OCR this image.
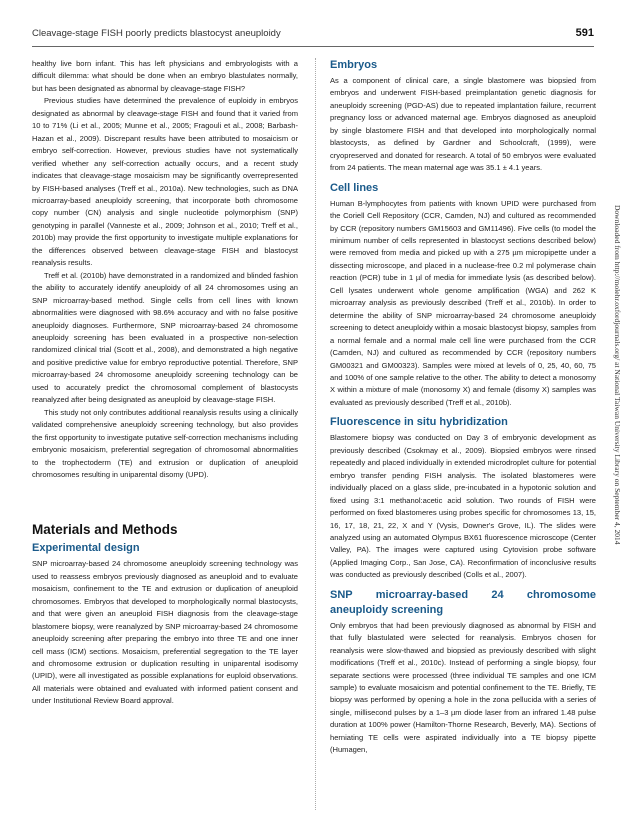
Cleavage-stage FISH poorly predicts blastocyst aneuploidy	591

healthy live born infant. This has left physicians and embryologists with a difficult dilemma: what should be done when an embryo blastulates normally, but has been designated as abnormal by cleavage-stage FISH?

Previous studies have determined the prevalence of euploidy in embryos designated as abnormal by cleavage-stage FISH and found that it varied from 10 to 71% (Li et al., 2005; Munne et al., 2005; Fragouli et al., 2008; Barbash-Hazan et al., 2009). Discrepant results have been attributed to mosaicism or embryo self-correction. However, previous studies have not systematically verified whether any self-correction actually occurs, and a recent study indicates that cleavage-stage mosaicism may be significantly overrepresented by FISH-based analyses (Treff et al., 2010a). New technologies, such as DNA microarray-based aneuploidy screening, that incorporate both chromosome copy number (CN) analysis and single nucleotide polymorphism (SNP) genotyping in parallel (Vanneste et al., 2009; Johnson et al., 2010; Treff et al., 2010b) may provide the first opportunity to investigate multiple explanations for the differences observed between cleavage-stage FISH and blastocyst reanalysis results.

Treff et al. (2010b) have demonstrated in a randomized and blinded fashion the ability to accurately identify aneuploidy of all 24 chromosomes using an SNP microarray-based method. Single cells from cell lines with known abnormalities were diagnosed with 98.6% accuracy and with no false positive aneuploidy diagnoses. Furthermore, SNP microarray-based 24 chromosome aneuploidy screening has been evaluated in a prospective non-selection randomized clinical trial (Scott et al., 2008), and demonstrated a high negative and positive predictive value for embryo reproductive potential. Therefore, SNP microarray-based 24 chromosome aneuploidy screening technology can be used to accurately predict the chromosomal complement of blastocysts reanalyzed after being designated as aneuploid by cleavage-stage FISH.

This study not only contributes additional reanalysis results using a clinically validated comprehensive aneuploidy screening technology, but also provides the first opportunity to investigate putative self-correction mechanisms including embryonic mosaicism, preferential segregation of chromosomal abnormalities to the trophectoderm (TE) and extrusion or duplication of aneuploid chromosomes resulting in uniparental disomy (UPD).

Materials and Methods
Experimental design

SNP microarray-based 24 chromosome aneuploidy screening technology was used to reassess embryos previously diagnosed as aneuploid and to evaluate mosaicism, confinement to the TE and extrusion or duplication of aneuploid chromosomes. Embryos that developed to morphologically normal blastocysts, and that were given an aneuploid FISH diagnosis from the cleavage-stage blastomere biopsy, were reanalyzed by SNP microarray-based 24 chromosome aneuploidy screening after preparing the embryo into three TE and one inner cell mass (ICM) sections. Mosaicism, preferential segregation to the TE layer and chromosome extrusion or duplication resulting in uniparental isodisomy (UPID), were all investigated as possible explanations for euploid observations. All materials were obtained and evaluated with informed patient consent and under Institutional Review Board approval.

Embryos

As a component of clinical care, a single blastomere was biopsied from embryos and underwent FISH-based preimplantation genetic diagnosis for aneuploidy screening (PGD-AS) due to repeated implantation failure, recurrent pregnancy loss or advanced maternal age. Embryos diagnosed as aneuploid by single blastomere FISH and that developed into morphologically normal blastocysts, as defined by Gardner and Schoolcraft, (1999), were cryopreserved and donated for research. A total of 50 embryos were evaluated from 24 patients. The mean maternal age was 35.1 ± 4.1 years.

Cell lines

Human B-lymphocytes from patients with known UPID were purchased from the Coriell Cell Repository (CCR, Camden, NJ) and cultured as recommended by CCR (repository numbers GM15603 and GM11496). Five cells (to model the minimum number of cells represented in blastocyst sections described below) were removed from media and picked up with a 275 µm micropipette under a dissecting microscope, and placed in a nuclease-free 0.2 ml polymerase chain reaction (PCR) tube in 1 µl of media for immediate lysis (as described below). Cell lysates underwent whole genome amplification (WGA) and 262 K microarray analysis as previously described (Treff et al., 2010b). In order to determine the ability of SNP microarray-based 24 chromosome aneuploidy screening to detect aneuploidy within a mosaic blastocyst biopsy, samples from a normal female and a normal male cell line were purchased from the CCR (Camden, NJ) and cultured as recommended by CCR (repository numbers GM00321 and GM00323). Samples were mixed at levels of 0, 25, 40, 60, 75 and 100% of one sample relative to the other. The ability to detect a monosomy X within a mixture of male (monosomy X) and female (disomy X) samples was evaluated as previously described (Treff et al., 2010b).

Fluorescence in situ hybridization

Blastomere biopsy was conducted on Day 3 of embryonic development as previously described (Csokmay et al., 2009). Biopsied embryos were rinsed repeatedly and placed individually in extended microdroplet culture for potential embryo transfer pending FISH analysis. The isolated blastomeres were individually placed on a glass slide, pre-incubated in a hypotonic solution and fixed using 3:1 methanol:acetic acid solution. Two rounds of FISH were performed on fixed blastomeres using probes specific for chromosomes 13, 15, 16, 17, 18, 21, 22, X and Y (Vysis, Downer's Grove, IL). The slides were analyzed using an automated Olympus BX61 fluorescence microscope (Center Valley, PA). The images were captured using Cytovision probe software (Applied Imaging Corp., San Jose, CA). Reconfirmation of inconclusive results was conducted as previously described (Colls et al., 2007).

SNP microarray-based 24 chromosome aneuploidy screening

Only embryos that had been previously diagnosed as abnormal by FISH and that fully blastulated were selected for reanalysis. Embryos chosen for reanalysis were slow-thawed and biopsied as previously described with slight modifications (Treff et al., 2010c). Instead of performing a single biopsy, four separate sections were processed (three individual TE samples and one ICM sample) to evaluate mosaicism and potential confinement to the TE. Briefly, TE biopsy was performed by opening a hole in the zona pellucida with a series of single, millisecond pulses by a 1–3 µm diode laser from an infrared 1.48 pulse duration at 100% power (Hamilton-Thorne Research, Beverly, MA). Sections of herniating TE cells were aspirated individually into a TE biopsy pipette (Humagen,

Downloaded from http://molehr.oxfordjournals.org/ at National Taiwan University Library on September 4, 2014
